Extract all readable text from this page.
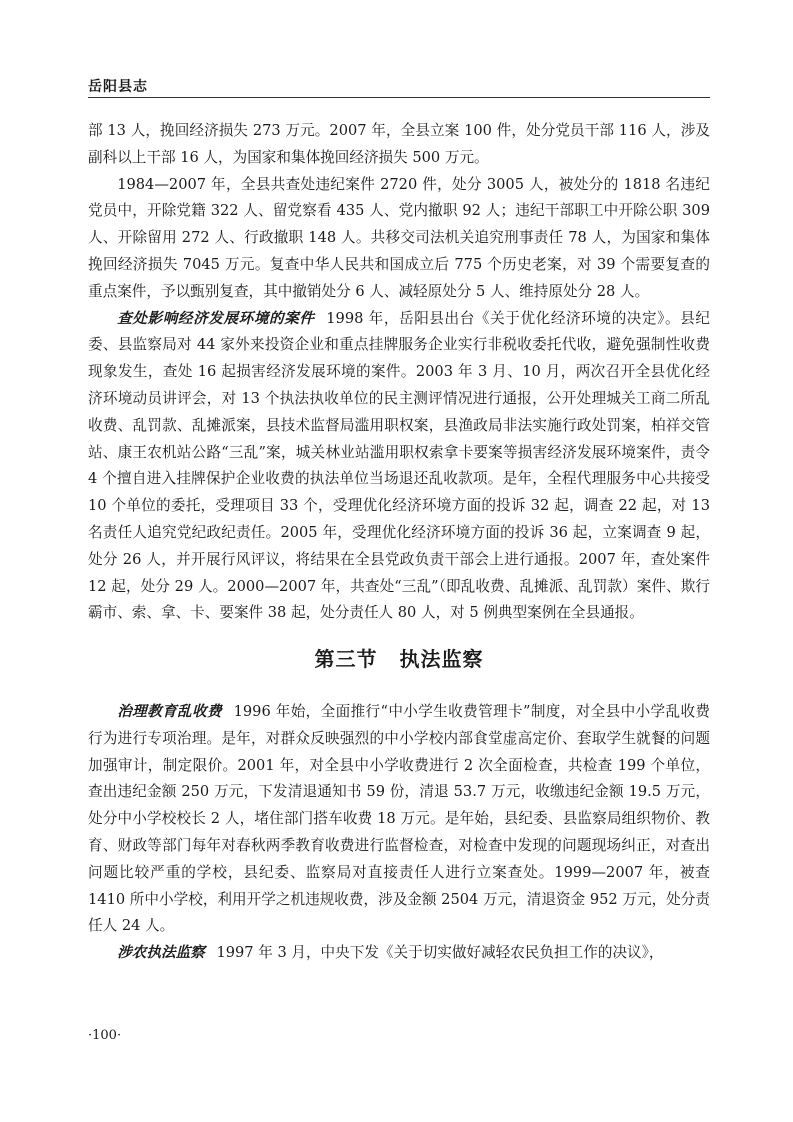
岳阳县志

部 13 人，挽回经济损失 273 万元。2007 年，全县立案 100 件，处分党员干部 116 人，涉及副科以上干部 16 人，为国家和集体挽回经济损失 500 万元。

1984—2007 年，全县共查处违纪案件 2720 件，处分 3005 人，被处分的 1818 名违纪党员中，开除党籍 322 人、留党察看 435 人、党内撤职 92 人；违纪干部职工中开除公职 309 人、开除留用 272 人、行政撤职 148 人。共移交司法机关追究刑事责任 78 人，为国家和集体挽回经济损失 7045 万元。复查中华人民共和国成立后 775 个历史老案，对 39 个需要复查的重点案件，予以甄别复查，其中撤销处分 6 人、减轻原处分 5 人、维持原处分 28 人。

查处影响经济发展环境的案件 1998 年，岳阳县出台《关于优化经济环境的决定》。县纪委、县监察局对 44 家外来投资企业和重点挂牌服务企业实行非税收委托代收，避免强制性收费现象发生，查处 16 起损害经济发展环境的案件。2003 年 3 月、10 月，两次召开全县优化经济环境动员讲评会，对 13 个执法执收单位的民主测评情况进行通报，公开处理城关工商二所乱收费、乱罚款、乱摊派案，县技术监督局滥用职权案，县渔政局非法实施行政处罚案，柏祥交管站、康王农机站公路“三乱”案，城关林业站滥用职权索拿卡要案等损害经济发展环境案件，责令 4 个擅自进入挂牌保护企业收费的执法单位当场退还乱收款项。是年，全程代理服务中心共接受 10 个单位的委托，受理项目 33 个，受理优化经济环境方面的投诉 32 起，调查 22 起，对 13 名责任人追究党纪政纪责任。2005 年，受理优化经济环境方面的投诉 36 起，立案调查 9 起，处分 26 人，并开展行风评议，将结果在全县党政负责干部会上进行通报。2007 年，查处案件 12 起，处分 29 人。2000—2007 年，共查处“三乱”（即乱收费、乱摊派、乱罚款）案件、欺行霸市、索、拿、卡、要案件 38 起，处分责任人 80 人，对 5 例典型案例在全县通报。

第三节 执法监察

治理教育乱收费 1996 年始，全面推行“中小学生收费管理卡”制度，对全县中小学乱收费行为进行专项治理。是年，对群众反映强烈的中小学校内部食堂虚高定价、套取学生就餐的问题加强审计，制定限价。2001 年，对全县中小学收费进行 2 次全面检查，共检查 199 个单位，查出违纪金额 250 万元，下发清退通知书 59 份，清退 53.7 万元，收缴违纪金额 19.5 万元，处分中小学校校长 2 人，堵住部门搭车收费 18 万元。是年始，县纪委、县监察局组织物价、教育、财政等部门每年对春秋两季教育收费进行监督检查，对检查中发现的问题现场纠正，对查出问题比较严重的学校，县纪委、监察局对直接责任人进行立案查处。1999—2007 年，被查 1410 所中小学校，利用开学之机违规收费，涉及金额 2504 万元，清退资金 952 万元，处分责任人 24 人。

涉农执法监察 1997 年 3 月，中央下发《关于切实做好减轻农民负担工作的决议》，

·100·
